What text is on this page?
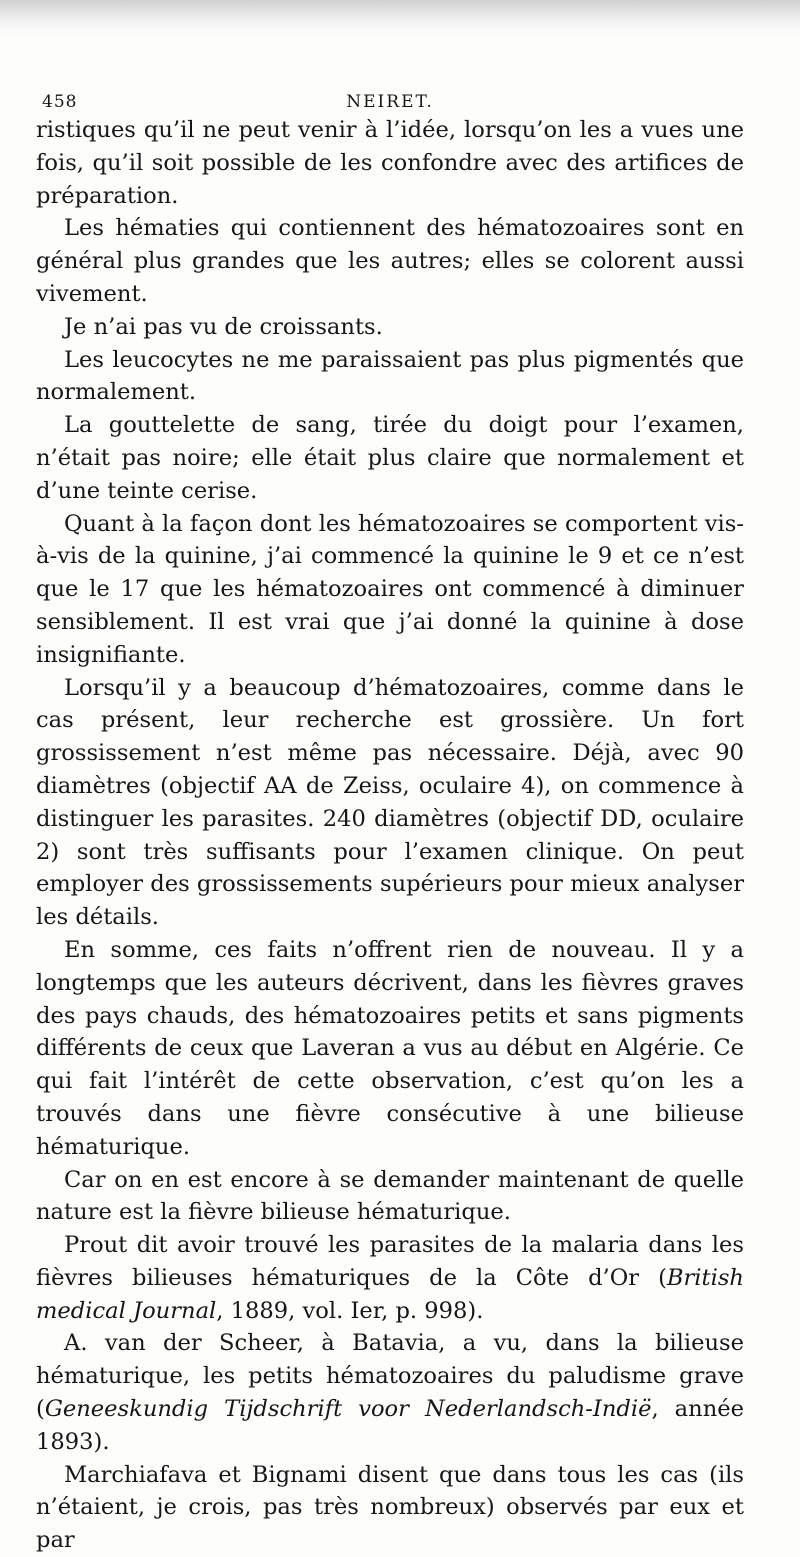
458	NEIRET.

ristiques qu’il ne peut venir à l’idée, lorsqu’on les a vues une fois, qu’il soit possible de les confondre avec des artifices de préparation.

Les hématies qui contiennent des hématozoaires sont en général plus grandes que les autres; elles se colorent aussi vivement.

Je n’ai pas vu de croissants.

Les leucocytes ne me paraissaient pas plus pigmentés que normalement.

La gouttelette de sang, tirée du doigt pour l’examen, n’était pas noire; elle était plus claire que normalement et d’une teinte cerise.

Quant à la façon dont les hématozoaires se comportent vis-à-vis de la quinine, j’ai commencé la quinine le 9 et ce n’est que le 17 que les hématozoaires ont commencé à diminuer sensiblement. Il est vrai que j’ai donné la quinine à dose insignifiante.

Lorsqu’il y a beaucoup d’hématozoaires, comme dans le cas présent, leur recherche est grossière. Un fort grossissement n’est même pas nécessaire. Déjà, avec 90 diamètres (objectif AA de Zeiss, oculaire 4), on commence à distinguer les parasites. 240 diamètres (objectif DD, oculaire 2) sont très suffisants pour l’examen clinique. On peut employer des grossissements supérieurs pour mieux analyser les détails.

En somme, ces faits n’offrent rien de nouveau. Il y a longtemps que les auteurs décrivent, dans les fièvres graves des pays chauds, des hématozoaires petits et sans pigments différents de ceux que Laveran a vus au début en Algérie. Ce qui fait l’intérêt de cette observation, c’est qu’on les a trouvés dans une fièvre consécutive à une bilieuse hématurique.

Car on en est encore à se demander maintenant de quelle nature est la fièvre bilieuse hématurique.

Prout dit avoir trouvé les parasites de la malaria dans les fièvres bilieuses hématuriques de la Côte d’Or (British medical Journal, 1889, vol. Ier, p. 998).

A. van der Scheer, à Batavia, a vu, dans la bilieuse hématurique, les petits hématozoaires du paludisme grave (Geneeskundig Tijdschrift voor Nederlandsch-Indië, année 1893).

Marchiafava et Bignami disent que dans tous les cas (ils n’étaient, je crois, pas très nombreux) observés par eux et par
